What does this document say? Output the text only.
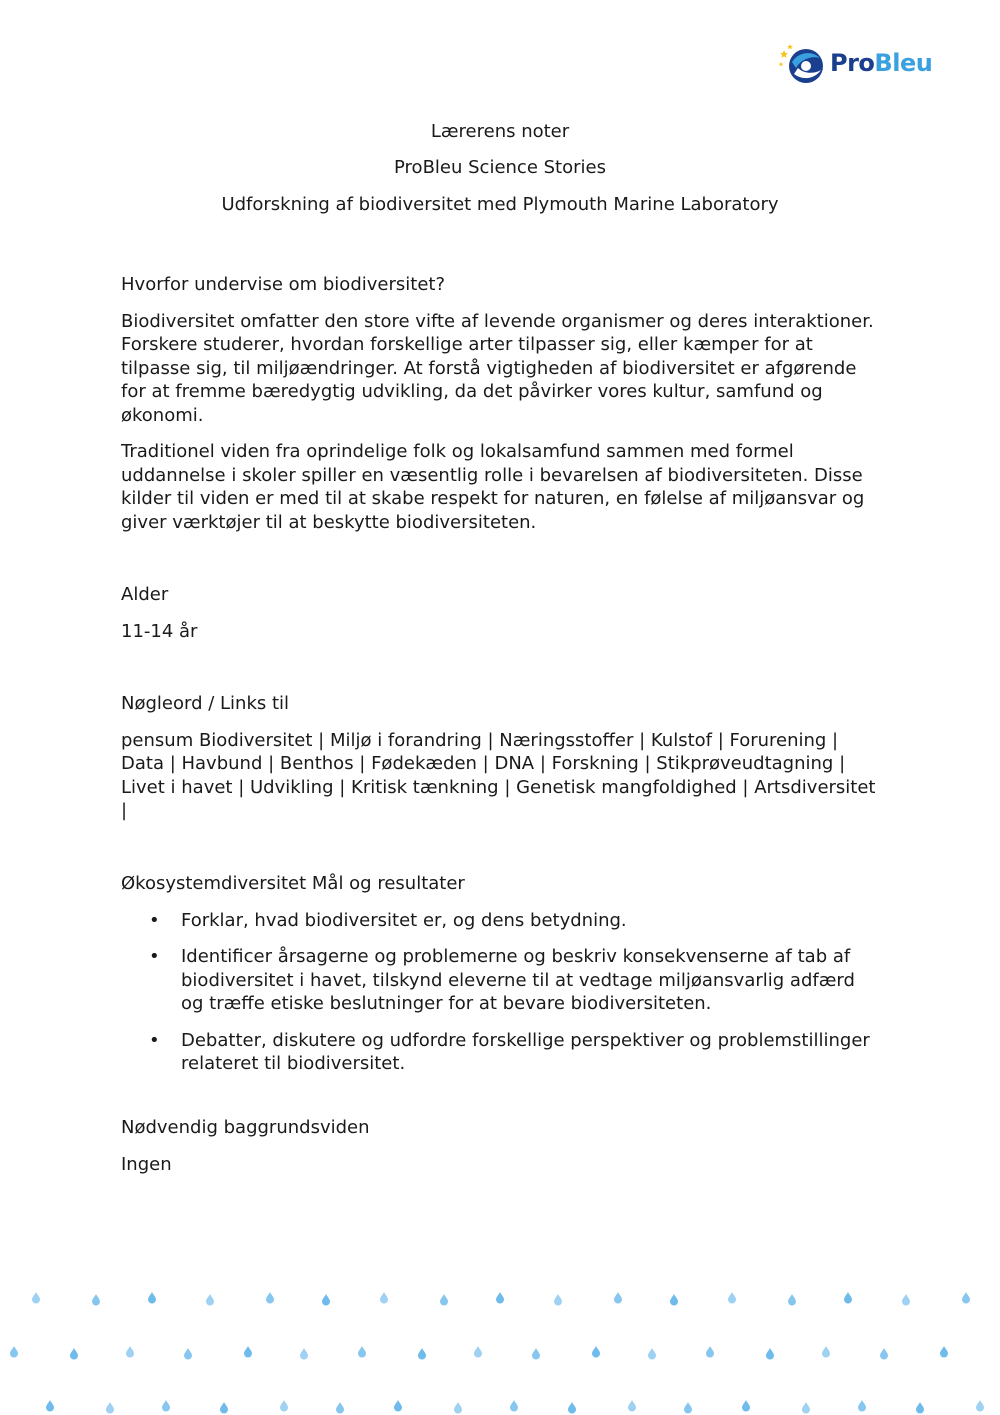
ProBleu
Lærerens noter
ProBleu Science Stories
Udforskning af biodiversitet med Plymouth Marine Laboratory
Hvorfor undervise om biodiversitet?

Biodiversitet omfatter den store vifte af levende organismer og deres interaktioner. Forskere studerer, hvordan forskellige arter tilpasser sig, eller kæmper for at tilpasse sig, til miljøændringer. At forstå vigtigheden af biodiversitet er afgørende for at fremme bæredygtig udvikling, da det påvirker vores kultur, samfund og økonomi.

Traditionel viden fra oprindelige folk og lokalsamfund sammen med formel uddannelse i skoler spiller en væsentlig rolle i bevarelsen af biodiversiteten. Disse kilder til viden er med til at skabe respekt for naturen, en følelse af miljøansvar og giver værktøjer til at beskytte biodiversiteten.

Alder

11-14 år

Nøgleord / Links til

pensum Biodiversitet | Miljø i forandring | Næringsstoffer | Kulstof | Forurening | Data | Havbund | Benthos | Fødekæden | DNA | Forskning | Stikprøveudtagning | Livet i havet | Udvikling | Kritisk tænkning | Genetisk mangfoldighed | Artsdiversitet |

Økosystemdiversitet Mål og resultater
• Forklar, hvad biodiversitet er, og dens betydning.
• Identificer årsagerne og problemerne og beskriv konsekvenserne af tab af biodiversitet i havet, tilskynd eleverne til at vedtage miljøansvarlig adfærd og træffe etiske beslutninger for at bevare biodiversiteten.
• Debatter, diskutere og udfordre forskellige perspektiver og problemstillinger relateret til biodiversitet.
Nødvendig baggrundsviden

Ingen
